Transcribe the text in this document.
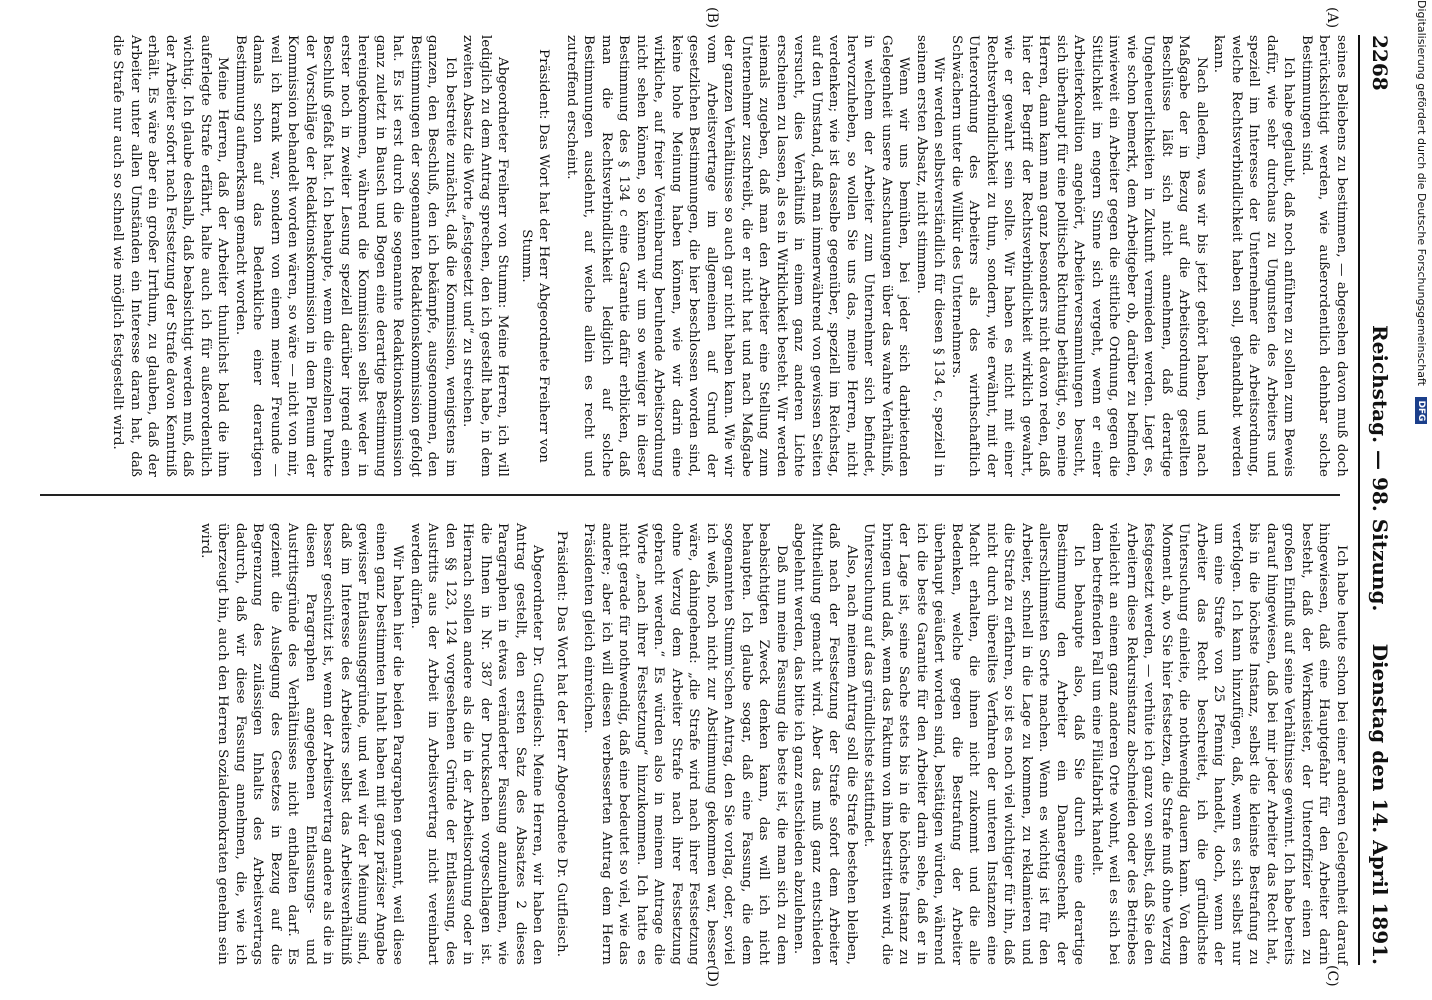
2268
Reichstag. — 98. Sitzung.
Dienstag den 14. April 1891.
(A)
(B)
(C)
(D)

seines Beliebens zu bestimmen, — abgesehen davon muß doch berücksichtigt werden, wie außerordentlich dehnbar solche Bestimmungen sind.

Ich habe geglaubt, daß noch anführen zu sollen zum Beweis dafür, wie sehr durchaus zu Ungunsten des Arbeiters und speziell im Interesse der Unternehmer die Arbeitsordnung, welche Rechtsverbindlichkeit haben soll, gehandhabt werden kann.

Nach alledem, was wir bis jetzt gehört haben, und nach Maßgabe der in Bezug auf die Arbeitsordnung gestellten Beschlüsse läßt sich nicht annehmen, daß derartige Ungeheuerlichkeiten in Zukunft vermieden werden. Liegt es, wie schon bemerkt, dem Arbeitgeber ob, darüber zu befinden, inwieweit ein Arbeiter gegen die sittliche Ordnung, gegen die Sittlichkeit im engern Sinne sich vergeht, wenn er einer Arbeiterkoalition angehört, Arbeiterversammlungen besucht, sich überhaupt für eine politische Richtung bethätigt, so, meine Herren, dann kann man ganz besonders nicht davon reden, daß hier der Begriff der Rechtsverbindlichkeit wirklich gewahrt, wie er gewahrt sein sollte. Wir haben es nicht mit einer Rechtsverbindlichkeit zu thun, sondern, wie erwähnt, mit der Unterordnung des Arbeiters als des wirthschaftlich Schwächern unter die Willkür des Unternehmers.

Wir werden selbstverständlich für diesen § 134 c, speziell in seinem ersten Absatz, nicht stimmen.

Wenn wir uns bemühen, bei jeder sich darbietenden Gelegenheit unsere Anschauungen über das wahre Verhältniß, in welchem der Arbeiter zum Unternehmer sich befindet, hervorzuheben, so wollen Sie uns das, meine Herren, nicht verdenken; wie ist dasselbe gegenüber, speziell im Reichstag, auf den Umstand, daß man immerwährend von gewissen Seiten versucht, dies Verhältniß in einem ganz anderen Lichte erscheinen zu lassen, als es in Wirklichkeit besteht. Wir werden niemals zugeben, daß man den Arbeiter eine Stellung zum Unternehmer zuschreibt, die er nicht hat und nach Maßgabe der ganzen Verhältnisse so auch gar nicht haben kann. Wie wir vom Arbeitsvertrage im allgemeinen auf Grund der gesetzlichen Bestimmungen, die hier beschlossen worden sind, keine hohe Meinung haben können, wie wir darin eine wirkliche, auf freier Vereinbarung beruhende Arbeitsordnung nicht sehen können, so können wir um so weniger in dieser Bestimmung des § 134 c eine Garantie dafür erblicken, daß man die Rechtsverbindlichkeit lediglich auf solche Bestimmungen ausdehnt, auf welche allein es recht und zutreffend erscheint.

Präsident: Das Wort hat der Herr Abgeordnete Freiherr von Stumm.

Abgeordneter Freiherr von Stumm: Meine Herren, ich will lediglich zu dem Antrag sprechen, den ich gestellt habe, in dem zweiten Absatz die Worte „festgesetzt und“ zu streichen.

Ich bestreite zunächst, daß die Kommission, wenigstens im ganzen, den Beschluß, den ich bekämpfe, ausgenommen, den Bestimmungen der sogenannten Redaktionskommission gefolgt hat. Es ist erst durch die sogenannte Redaktionskommission ganz zuletzt in Bausch und Bogen eine derartige Bestimmung hereingekommen, während die Kommission selbst weder in erster noch in zweiter Lesung speziell darüber irgend einen Beschluß gefaßt hat. Ich behaupte, wenn die einzelnen Punkte der Vorschläge der Redaktionskommission in dem Plenum der Kommission behandelt worden wären, so wäre — nicht von mir, weil ich krank war, sondern von einem meiner Freunde — damals schon auf das Bedenkliche einer derartigen Bestimmung aufmerksam gemacht worden.

Meine Herren, daß der Arbeiter thunlichst bald die ihm auferlegte Strafe erfährt, halte auch ich für außerordentlich wichtig. Ich glaube deshalb, daß beabsichtigt werden muß, daß der Arbeiter sofort nach Festsetzung der Strafe davon Kenntniß erhält. Es wäre aber ein großer Irrthum, zu glauben, daß der Arbeiter unter allen Umständen ein Interesse daran hat, daß die Strafe nur auch so schnell wie möglich festgestellt wird.

Ich habe heute schon bei einer anderen Gelegenheit darauf hingewiesen, daß eine Hauptgefahr für den Arbeiter darin besteht, daß der Werkmeister, der Unteroffizier einen zu großen Einfluß auf seine Verhältnisse gewinnt. Ich habe bereits darauf hingewiesen, daß bei mir jeder Arbeiter das Recht hat, bis in die höchste Instanz, selbst die kleinste Bestrafung zu verfolgen. Ich kann hinzufügen, daß, wenn es sich selbst nur um eine Strafe von 25 Pfennig handelt, doch, wenn der Arbeiter das Recht beschreitet, ich die gründlichste Untersuchung einleite, die nothwendig dauern kann. Von dem Moment ab, wo Sie hier festsetzen, die Strafe muß ohne Verzug festgesetzt werden, — verhüte ich ganz von selbst, daß Sie den Arbeitern diese Rekursinstanz abschneiden oder des Betriebes vielleicht an einem ganz anderen Orte wohnt, weil es sich bei dem betreffenden Fall um eine Filialfabrik handelt.

Ich behaupte also, daß Sie durch eine derartige Bestimmung den Arbeiter ein Danaergeschenk der allerschlimmsten Sorte machen. Wenn es wichtig ist für den Arbeiter, schnell in die Lage zu kommen, zu reklamieren und die Strafe zu erfahren, so ist es noch viel wichtiger für ihn, daß nicht durch übereiltes Verfahren der unteren Instanzen eine Macht erhalten, die ihnen nicht zukommt und die alle Bedenken, welche gegen die Bestrafung der Arbeiter überhaupt geäußert worden sind, bestätigen würden, während ich die beste Garantie für den Arbeiter darin sehe, daß er in der Lage ist, seine Sache stets bis in die höchste Instanz zu bringen und daß, wenn das Faktum von ihm bestritten wird, die Untersuchung auf das gründlichste stattfindet.

Also, nach meinem Antrag soll die Strafe bestehen bleiben, daß nach der Festsetzung der Strafe sofort dem Arbeiter Mittheilung gemacht wird. Aber das muß ganz entschieden abgelehnt werden, das bitte ich ganz entschieden abzulehnen.

Daß nun meine Fassung die beste ist, die man sich zu dem beabsichtigten Zweck denken kann, das will ich nicht behaupten. Ich glaube sogar, daß eine Fassung, die dem sogenannten Stumm'schen Antrag, den Sie vorlag, oder, soviel ich weiß, noch nicht zur Abstimmung gekommen war, besser wäre, dahingehend: „die Strafe wird nach ihrer Festsetzung ohne Verzug dem Arbeiter Strafe nach ihrer Festsetzung gebracht werden.“ Es würden also in meinem Antrage die Worte „nach ihrer Festsetzung“ hinzukommen. Ich hatte es nicht gerade für nothwendig, daß eine bedeutet so viel, wie das andere; aber ich will diesen verbesserten Antrag dem Herrn Präsidenten gleich einreichen.

Präsident: Das Wort hat der Herr Abgeordnete Dr. Gutfleisch.

Abgeordneter Dr. Gutfleisch: Meine Herren, wir haben den Antrag gestellt, den ersten Satz des Absatzes 2 dieses Paragraphen in etwas veränderter Fassung anzunehmen, wie die Ihnen in Nr. 387 der Drucksachen vorgeschlagen ist. Hiernach sollen andere als die in der Arbeitsordnung oder in den §§ 123, 124 vorgesehenen Gründe der Entlassung, des Austritts aus der Arbeit im Arbeitsvertrag nicht vereinbart werden dürfen.

Wir haben hier die beiden Paragraphen genannt, weil diese einen ganz bestimmten Inhalt haben mit ganz präziser Angabe gewisser Entlassungsgründe, und weil wir der Meinung sind, daß im Interesse des Arbeiters selbst das Arbeitsverhältniß besser geschützt ist, wenn der Arbeitsvertrag andere als die in diesen Paragraphen angegebenen Entlassungs- und Austrittsgründe des Verhältnisses nicht enthalten darf. Es geziemt die Auslegung des Gesetzes in Bezug auf die Begrenzung des zulässigen Inhalts des Arbeitsvertrags dadurch, daß wir diese Fassung annehmen, die, wie ich überzeugt bin, auch den Herren Sozialdemokraten genehm sein wird.

Digitalisierung gefördert durch die Deutsche Forschungsgemeinschaft DFG
